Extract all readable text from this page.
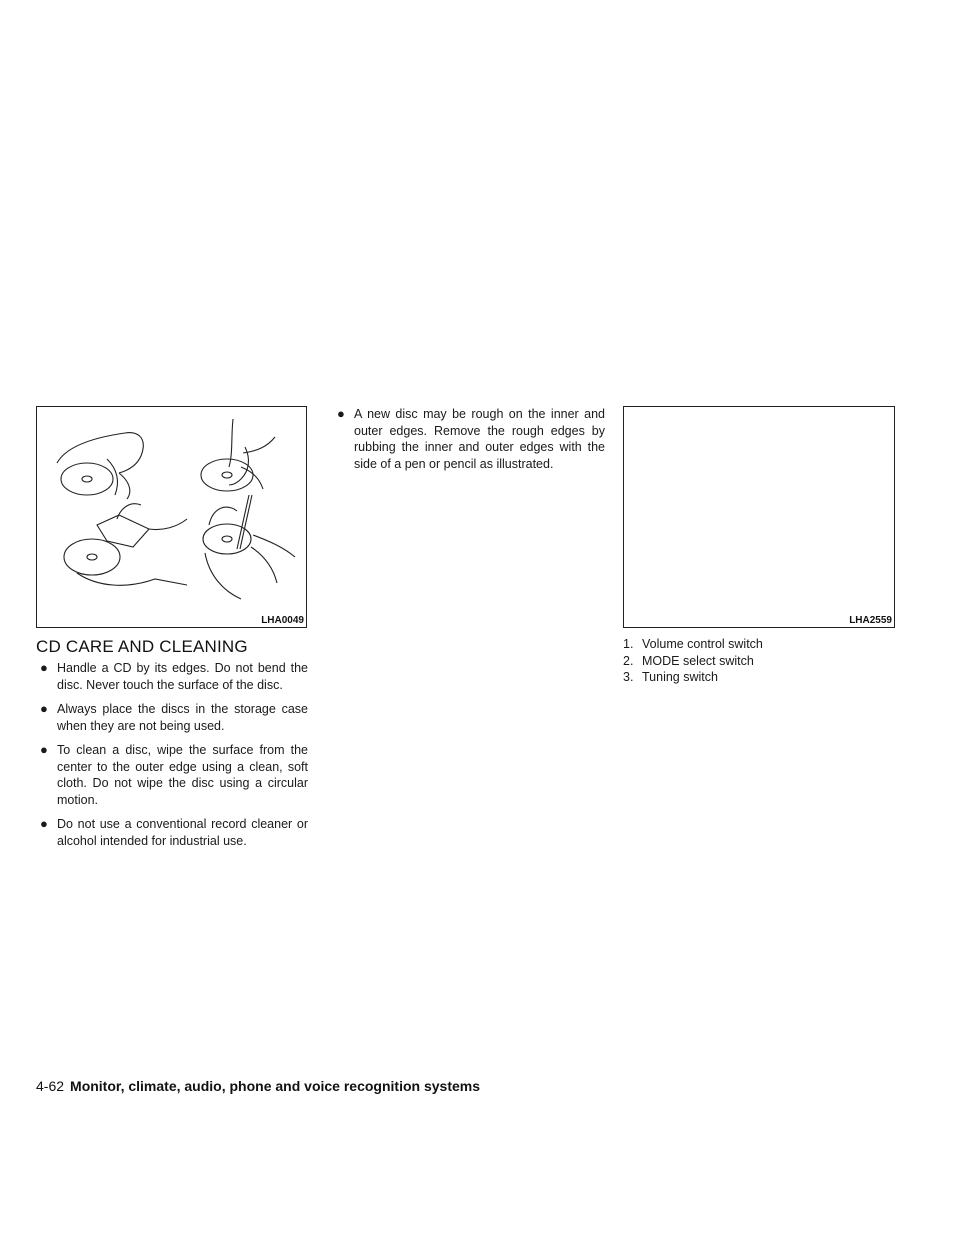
LHA0049
CD CARE AND CLEANING
● Handle a CD by its edges. Do not bend the disc. Never touch the surface of the disc.
● Always place the discs in the storage case when they are not being used.
● To clean a disc, wipe the surface from the center to the outer edge using a clean, soft cloth. Do not wipe the disc using a circular motion.
● Do not use a conventional record cleaner or alcohol intended for industrial use.
● A new disc may be rough on the inner and outer edges. Remove the rough edges by rubbing the inner and outer edges with the side of a pen or pencil as illustrated.
LHA2559
1. Volume control switch
2. MODE select switch
3. Tuning switch
4-62 Monitor, climate, audio, phone and voice recognition systems
